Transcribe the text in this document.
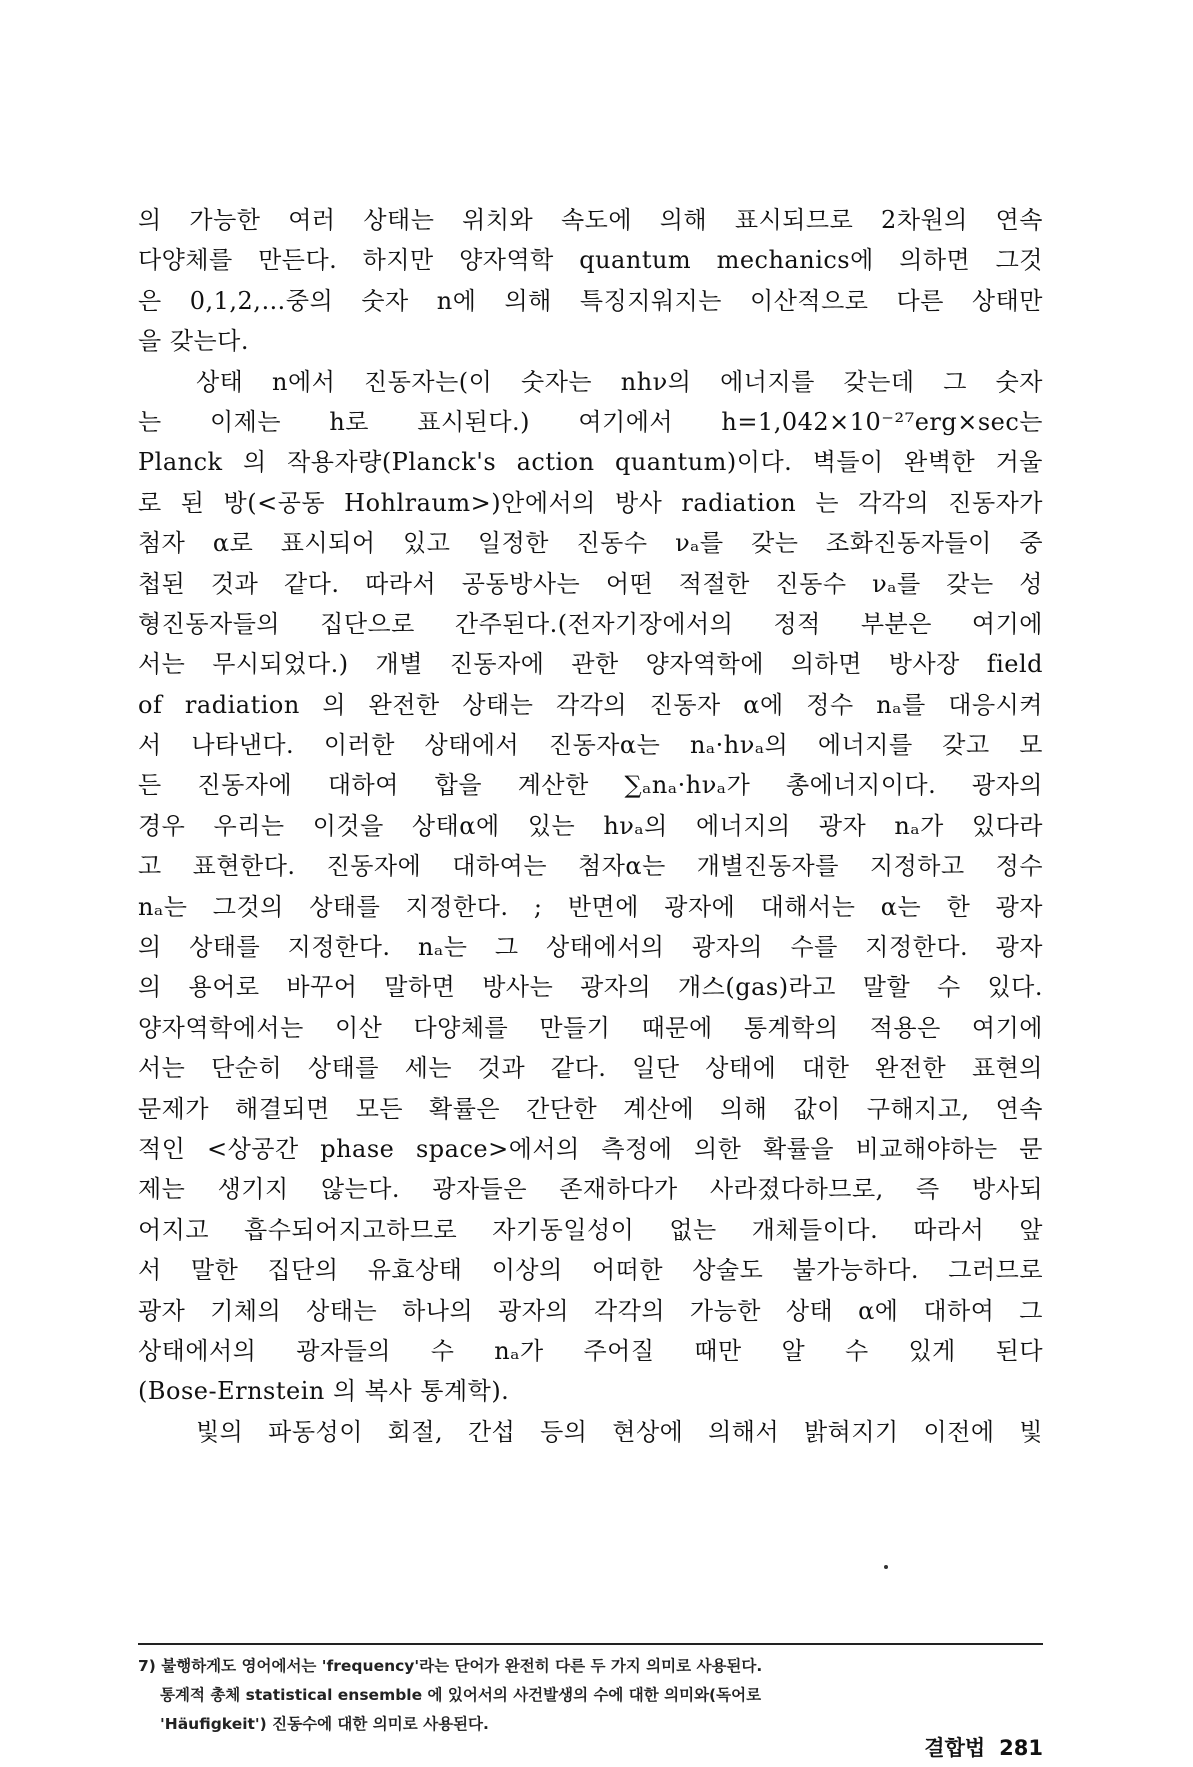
의 가능한 여러 상태는 위치와 속도에 의해 표시되므로 2차원의 연속
다양체를 만든다. 하지만 양자역학 quantum mechanics에 의하면 그것
은 0,1,2,…중의 숫자 n에 의해 특징지워지는 이산적으로 다른 상태만
을 갖는다.
상태 n에서 진동자는(이 숫자는 nhν의 에너지를 갖는데 그 숫자
는 이제는 h로 표시된다.) 여기에서 h=1,042×10⁻²⁷erg×sec는
Planck 의 작용자량(Planck's action quantum)이다. 벽들이 완벽한 거울
로 된 방(<공동 Hohlraum>)안에서의 방사 radiation 는 각각의 진동자가
첨자 α로 표시되어 있고 일정한 진동수 νₐ를 갖는 조화진동자들이 중
첩된 것과 같다. 따라서 공동방사는 어떤 적절한 진동수 νₐ를 갖는 성
형진동자들의 집단으로 간주된다.(전자기장에서의 정적 부분은 여기에
서는 무시되었다.) 개별 진동자에 관한 양자역학에 의하면 방사장 field
of radiation 의 완전한 상태는 각각의 진동자 α에 정수 nₐ를 대응시켜
서 나타낸다. 이러한 상태에서 진동자α는 nₐ·hνₐ의 에너지를 갖고 모
든 진동자에 대하여 합을 계산한 ∑ₐnₐ·hνₐ가 총에너지이다. 광자의
경우 우리는 이것을 상태α에 있는 hνₐ의 에너지의 광자 nₐ가 있다라
고 표현한다. 진동자에 대하여는 첨자α는 개별진동자를 지정하고 정수
nₐ는 그것의 상태를 지정한다. ; 반면에 광자에 대해서는 α는 한 광자
의 상태를 지정한다. nₐ는 그 상태에서의 광자의 수를 지정한다. 광자
의 용어로 바꾸어 말하면 방사는 광자의 개스(gas)라고 말할 수 있다.
양자역학에서는 이산 다양체를 만들기 때문에 통계학의 적용은 여기에
서는 단순히 상태를 세는 것과 같다. 일단 상태에 대한 완전한 표현의
문제가 해결되면 모든 확률은 간단한 계산에 의해 값이 구해지고, 연속
적인 <상공간 phase space>에서의 측정에 의한 확률을 비교해야하는 문
제는 생기지 않는다. 광자들은 존재하다가 사라졌다하므로, 즉 방사되
어지고 흡수되어지고하므로 자기동일성이 없는 개체들이다. 따라서 앞
서 말한 집단의 유효상태 이상의 어떠한 상술도 불가능하다. 그러므로
광자 기체의 상태는 하나의 광자의 각각의 가능한 상태 α에 대하여 그
상태에서의 광자들의 수 nₐ가 주어질 때만 알 수 있게 된다
(Bose-Ernstein 의 복사 통계학).
빛의 파동성이 회절, 간섭 등의 현상에 의해서 밝혀지기 이전에 빛
7) 불행하게도 영어에서는 'frequency'라는 단어가 완전히 다른 두 가지 의미로 사용된다.
통계적 총체 statistical ensemble 에 있어서의 사건발생의 수에 대한 의미와(독어로
'Häufigkeit') 진동수에 대한 의미로 사용된다.
결합법 281
